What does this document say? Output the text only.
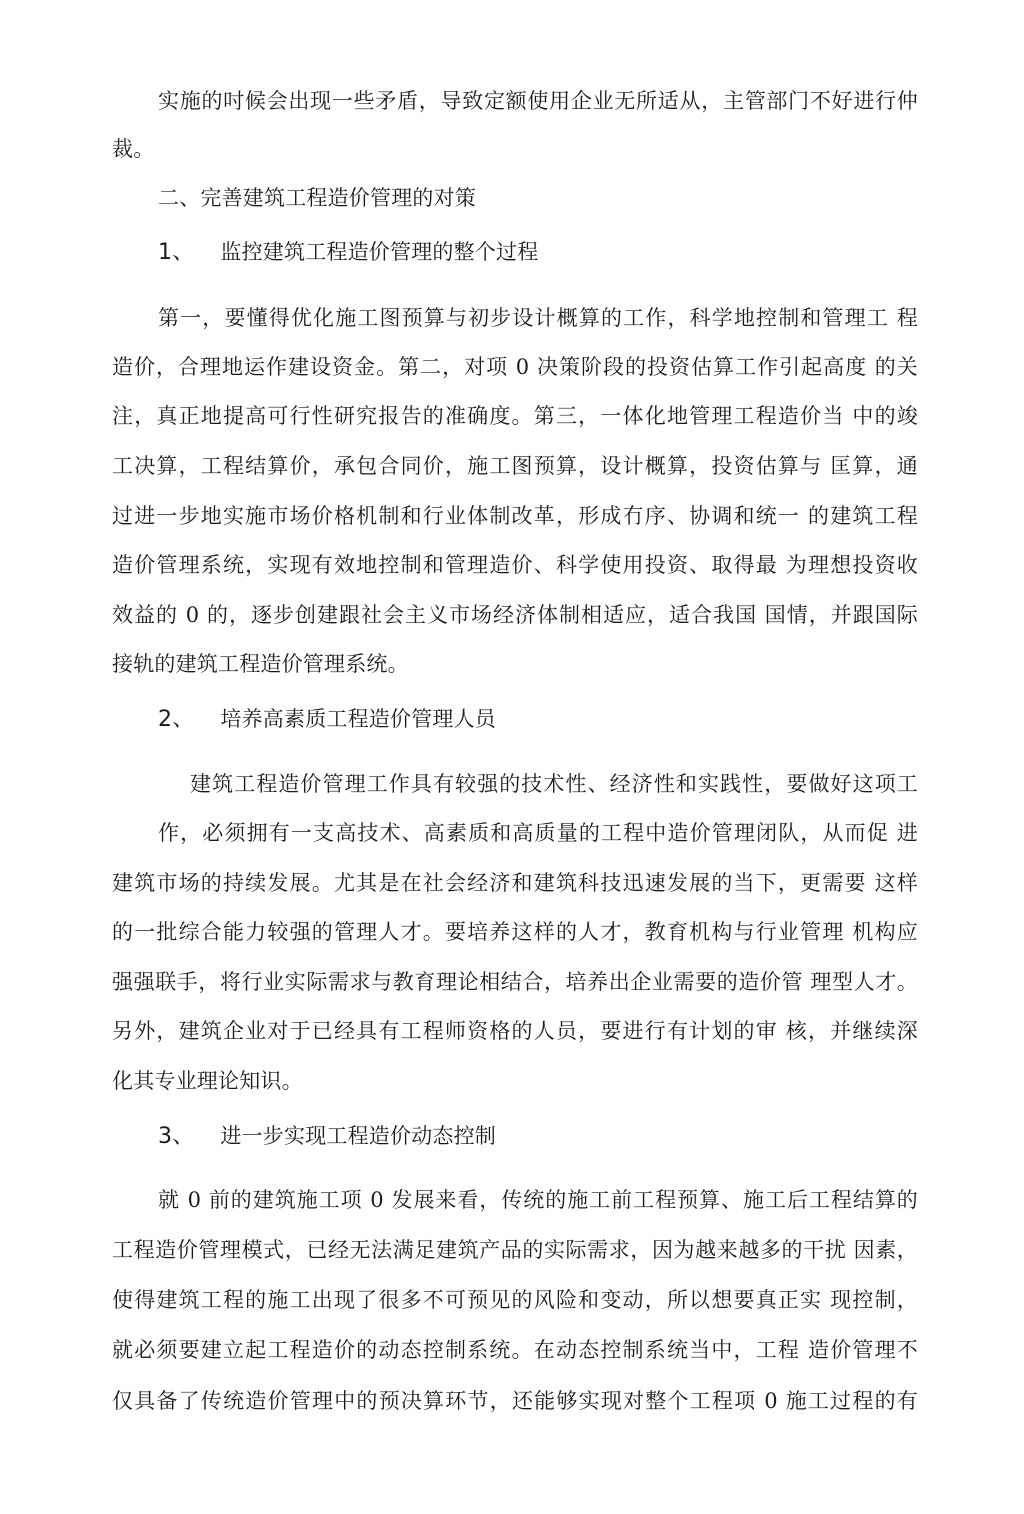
实施的吋候会出现一些矛盾，导致定额使用企业无所适从，主管部门不好进行仲
裁。
二、完善建筑工程造价管理的对策
1、 监控建筑工程造价管理的整个过程
第一，要懂得优化施工图预算与初步设计概算的工作，科学地控制和管理工 程
造价，合理地运作建设资金。第二，对项 0 决策阶段的投资估算工作引起高度 的关
注，真正地提高可行性研究报告的准确度。第三，一体化地管理工程造价当 中的竣
工决算，工程结算价，承包合同价，施工图预算，设计概算，投资估算与 匡算，通
过进一步地实施市场价格机制和行业体制改革，形成冇序、协调和统一 的建筑工程
造价管理系统，实现有效地控制和管理造价、科学使用投资、取得最 为理想投资收
效益的 0 的，逐步创建跟社会主义市场经济体制相适应，适合我国 国情，并跟国际
接轨的建筑工程造价管理系统。
2、 培养高素质工程造价管理人员
建筑工程造价管理工作具有较强的技术性、经济性和实践性，要做好这项工
作，必须拥有一支高技术、高素质和高质量的工程中造价管理闭队，从而促 进
建筑市场的持续发展。尤其是在社会经济和建筑科技迅速发展的当下，更需要 这样
的一批综合能力较强的管理人才。要培养这样的人才，教育机构与行业管理 机构应
强强联手，将行业实际需求与教育理论相结合，培养出企业需要的造价管 理型人才。
另外，建筑企业对于已经具有工程师资格的人员，要进行有计划的审 核，并继续深
化其专业理论知识。
3、 进一步实现工程造价动态控制
就 0 前的建筑施工项 0 发展来看，传统的施工前工程预算、施工后工程结算的
工程造价管理模式，已经无法满足建筑产品的实际需求，因为越来越多的干扰 因素，
使得建筑工程的施工出现了很多不可预见的风险和变动，所以想要真正实 现控制，
就必须要建立起工程造价的动态控制系统。在动态控制系统当中，工程 造价管理不
仅具备了传统造价管理中的预决算环节，还能够实现对整个工程项 0 施工过程的有
